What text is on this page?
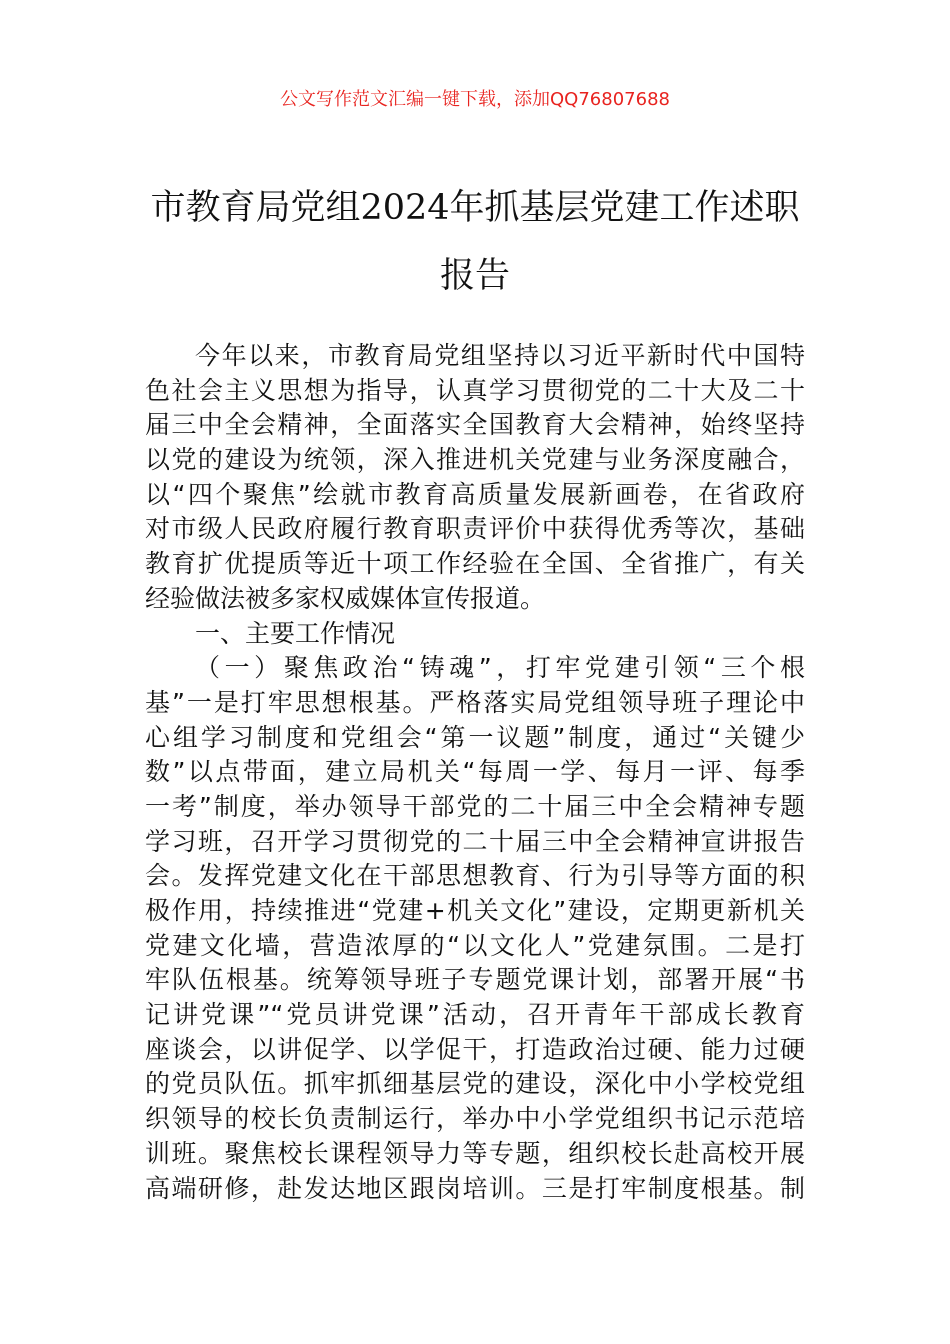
公文写作范文汇编一键下载，添加QQ76807688
市教育局党组2024年抓基层党建工作述职
报告
今年以来，市教育局党组坚持以习近平新时代中国特
色社会主义思想为指导，认真学习贯彻党的二十大及二十
届三中全会精神，全面落实全国教育大会精神，始终坚持
以党的建设为统领，深入推进机关党建与业务深度融合，
以“四个聚焦”绘就市教育高质量发展新画卷，在省政府
对市级人民政府履行教育职责评价中获得优秀等次，基础
教育扩优提质等近十项工作经验在全国、全省推广，有关
经验做法被多家权威媒体宣传报道。
一、主要工作情况
（一）聚焦政治“铸魂”，打牢党建引领“三个根
基”一是打牢思想根基。严格落实局党组领导班子理论中
心组学习制度和党组会“第一议题”制度，通过“关键少
数”以点带面，建立局机关“每周一学、每月一评、每季
一考”制度，举办领导干部党的二十届三中全会精神专题
学习班，召开学习贯彻党的二十届三中全会精神宣讲报告
会。发挥党建文化在干部思想教育、行为引导等方面的积
极作用，持续推进“党建+机关文化”建设，定期更新机关
党建文化墙，营造浓厚的“以文化人”党建氛围。二是打
牢队伍根基。统筹领导班子专题党课计划，部署开展“书
记讲党课”“党员讲党课”活动，召开青年干部成长教育
座谈会，以讲促学、以学促干，打造政治过硬、能力过硬
的党员队伍。抓牢抓细基层党的建设，深化中小学校党组
织领导的校长负责制运行，举办中小学党组织书记示范培
训班。聚焦校长课程领导力等专题，组织校长赴高校开展
高端研修，赴发达地区跟岗培训。三是打牢制度根基。制
